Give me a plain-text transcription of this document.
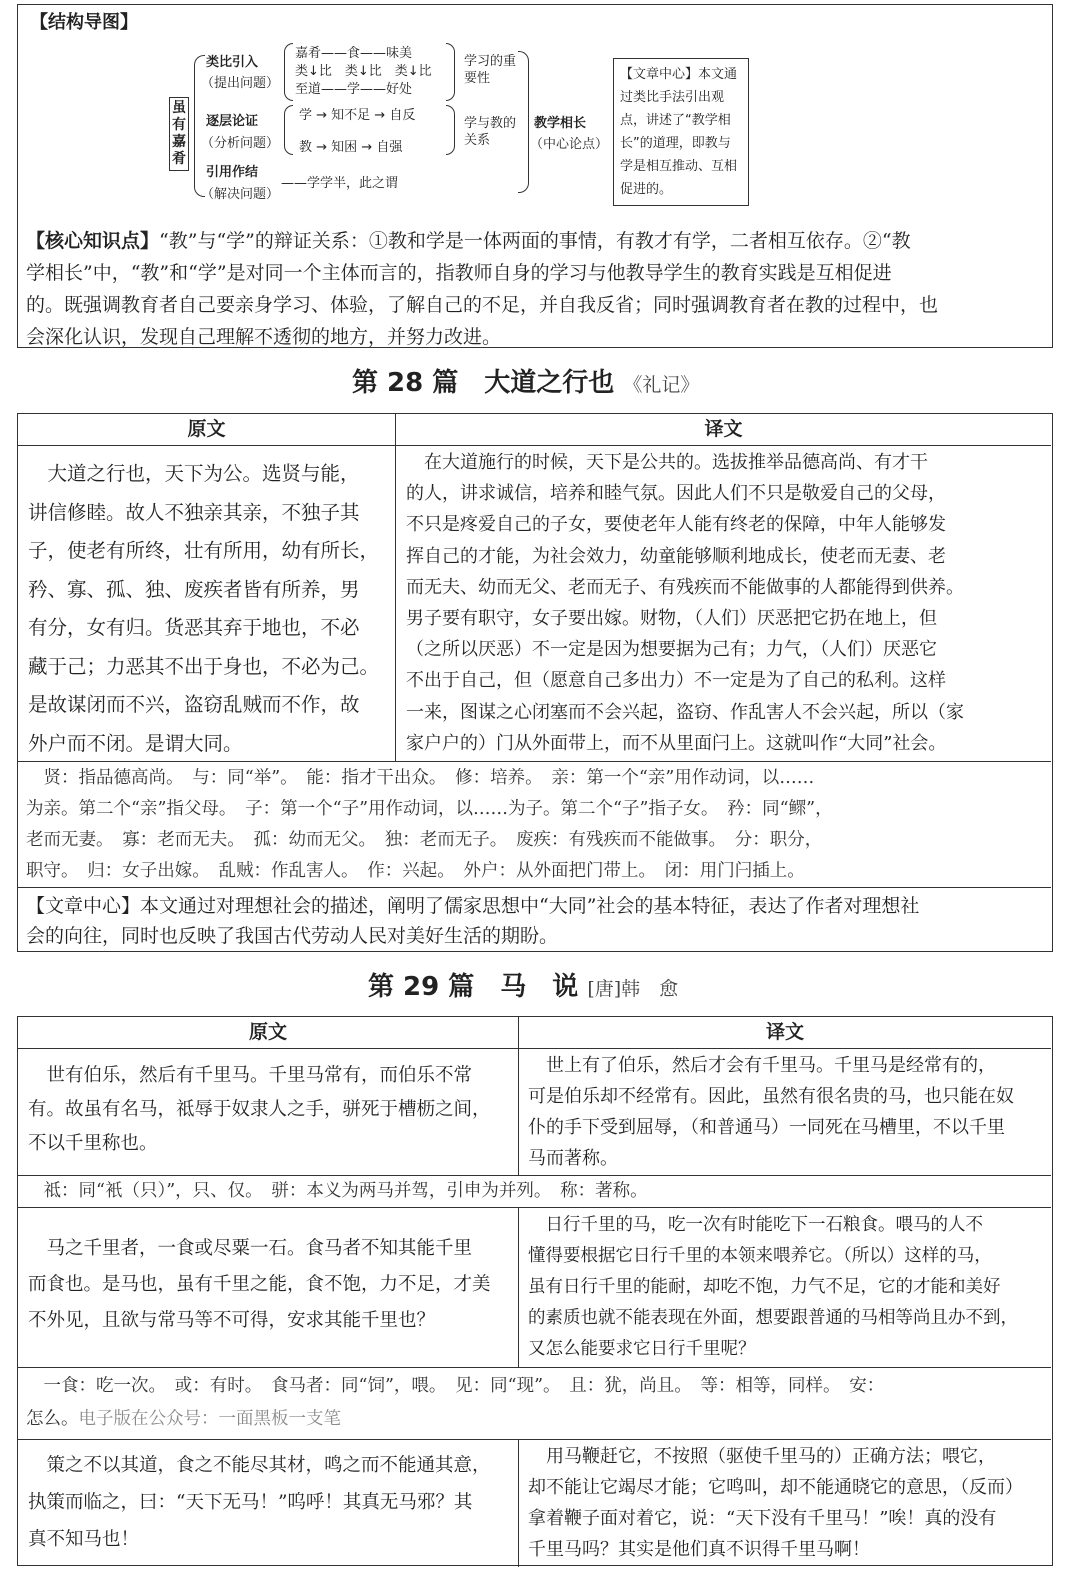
【结构导图】
虽有嘉肴
类比引入
（提出问题）
逐层论证
（分析问题）
引用作结
（解决问题）
嘉肴——食——味美
类↓比　类↓比　类↓比
至道——学——好处
学 → 知不足 → 自反
教 → 知困 → 自强
——学学半，此之谓
学习的重要性
学与教的关系
教学相长
（中心论点）
【文章中心】本文通过类比手法引出观点，讲述了“教学相长”的道理，即教与学是相互推动、互相促进的。
【核心知识点】“教”与“学”的辩证关系：①教和学是一体两面的事情，有教才有学，二者相互依存。②“教
学相长”中，“教”和“学”是对同一个主体而言的，指教师自身的学习与他教导学生的教育实践是互相促进
的。既强调教育者自己要亲身学习、体验，了解自己的不足，并自我反省；同时强调教育者在教的过程中，也
会深化认识，发现自己理解不透彻的地方，并努力改进。
第 28 篇　大道之行也 《礼记》
原文	译文
　大道之行也，天下为公。选贤与能，
讲信修睦。故人不独亲其亲，不独子其
子，使老有所终，壮有所用，幼有所长，
矜、寡、孤、独、废疾者皆有所养，男
有分，女有归。货恶其弃于地也，不必
藏于己；力恶其不出于身也，不必为己。
是故谋闭而不兴，盗窃乱贼而不作，故
外户而不闭。是谓大同。
　在大道施行的时候，天下是公共的。选拔推举品德高尚、有才干
的人，讲求诚信，培养和睦气氛。因此人们不只是敬爱自己的父母，
不只是疼爱自己的子女，要使老年人能有终老的保障，中年人能够发
挥自己的才能，为社会效力，幼童能够顺利地成长，使老而无妻、老
而无夫、幼而无父、老而无子、有残疾而不能做事的人都能得到供养。
男子要有职守，女子要出嫁。财物，（人们）厌恶把它扔在地上，但
（之所以厌恶）不一定是因为想要据为己有；力气，（人们）厌恶它
不出于自己，但（愿意自己多出力）不一定是为了自己的私利。这样
一来，图谋之心闭塞而不会兴起，盗窃、作乱害人不会兴起，所以（家
家户户的）门从外面带上，而不从里面闩上。这就叫作“大同”社会。
　贤：指品德高尚。　与：同“举”。　能：指才干出众。　修：培养。　亲：第一个“亲”用作动词，以……
为亲。第二个“亲”指父母。　子：第一个“子”用作动词，以……为子。第二个“子”指子女。　矜：同“鳏”，
老而无妻。　寡：老而无夫。　孤：幼而无父。　独：老而无子。　废疾：有残疾而不能做事。　分：职分，
职守。　归：女子出嫁。　乱贼：作乱害人。　作：兴起。　外户：从外面把门带上。　闭：用门闩插上。
【文章中心】本文通过对理想社会的描述，阐明了儒家思想中“大同”社会的基本特征，表达了作者对理想社
会的向往，同时也反映了我国古代劳动人民对美好生活的期盼。
第 29 篇　马　说 [唐]韩　愈
原文	译文
　世有伯乐，然后有千里马。千里马常有，而伯乐不常
有。故虽有名马，祗辱于奴隶人之手，骈死于槽枥之间，
不以千里称也。
　世上有了伯乐，然后才会有千里马。千里马是经常有的，
可是伯乐却不经常有。因此，虽然有很名贵的马，也只能在奴
仆的手下受到屈辱，（和普通马）一同死在马槽里，不以千里
马而著称。
　祗：同“衹（只）”，只、仅。　骈：本义为两马并驾，引申为并列。　称：著称。
　马之千里者，一食或尽粟一石。食马者不知其能千里
而食也。是马也，虽有千里之能，食不饱，力不足，才美
不外见，且欲与常马等不可得，安求其能千里也？
　日行千里的马，吃一次有时能吃下一石粮食。喂马的人不
懂得要根据它日行千里的本领来喂养它。（所以）这样的马，
虽有日行千里的能耐，却吃不饱，力气不足，它的才能和美好
的素质也就不能表现在外面，想要跟普通的马相等尚且办不到，
又怎么能要求它日行千里呢？
　一食：吃一次。　或：有时。　食马者：同“饲”，喂。　见：同“现”。　且：犹，尚且。　等：相等，同样。　安：
怎么。电子版在公众号：一面黑板一支笔
　策之不以其道，食之不能尽其材，鸣之而不能通其意，
执策而临之，曰：“天下无马！”呜呼！其真无马邪？其
真不知马也！
　用马鞭赶它，不按照（驱使千里马的）正确方法；喂它，
却不能让它竭尽才能；它鸣叫，却不能通晓它的意思，（反而）
拿着鞭子面对着它，说：“天下没有千里马！”唉！真的没有
千里马吗？其实是他们真不识得千里马啊！
